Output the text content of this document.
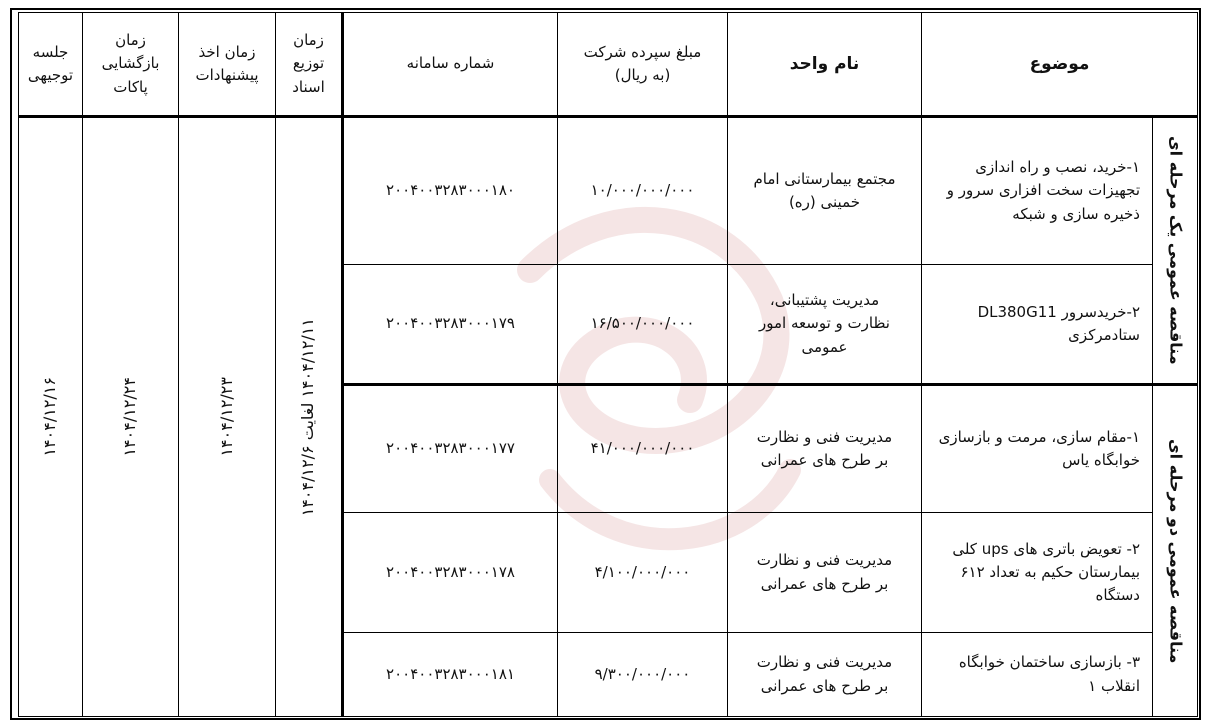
موضوع
نام واحد
مبلغ سپرده شرکت
(به ریال)
شماره سامانه
زمان توزیع اسناد
زمان اخذ پیشنهادات
زمان بازگشایی پاکات
جلسه توجیهی
مناقصه عمومی یک مرحله ای
مناقصه عمومی دو مرحله ای
۱-خرید، نصب و راه اندازی تجهیزات سخت افزاری سرور و ذخیره سازی و شبکه
مجتمع بیمارستانی امام خمینی (ره)
۱۰/۰۰۰/۰۰۰/۰۰۰
۲۰۰۴۰۰۳۲۸۳۰۰۰۱۸۰
۲-خریدسرور DL380G11 ستادمرکزی
مدیریت پشتیبانی، نظارت و توسعه امور عمومی
۱۶/۵۰۰/۰۰۰/۰۰۰
۲۰۰۴۰۰۳۲۸۳۰۰۰۱۷۹
۱-مقام سازی، مرمت و بازسازی خوابگاه یاس
مدیریت فنی و نظارت بر طرح های عمرانی
۴۱/۰۰۰/۰۰۰/۰۰۰
۲۰۰۴۰۰۳۲۸۳۰۰۰۱۷۷
۲- تعویض باتری های ups کلی بیمارستان حکیم به تعداد ۶۱۲ دستگاه
مدیریت فنی و نظارت بر طرح های عمرانی
۴/۱۰۰/۰۰۰/۰۰۰
۲۰۰۴۰۰۳۲۸۳۰۰۰۱۷۸
۳- بازسازی ساختمان خوابگاه انقلاب ۱
مدیریت فنی و نظارت بر طرح های عمرانی
۹/۳۰۰/۰۰۰/۰۰۰
۲۰۰۴۰۰۳۲۸۳۰۰۰۱۸۱
۱۴۰۴/۱۲/۱۱ لغایت ۱۴۰۴/۱۲/۶
۱۴۰۴/۱۲/۲۳
۱۴۰۴/۱۲/۲۴
۱۴۰۴/۱۲/۱۶
